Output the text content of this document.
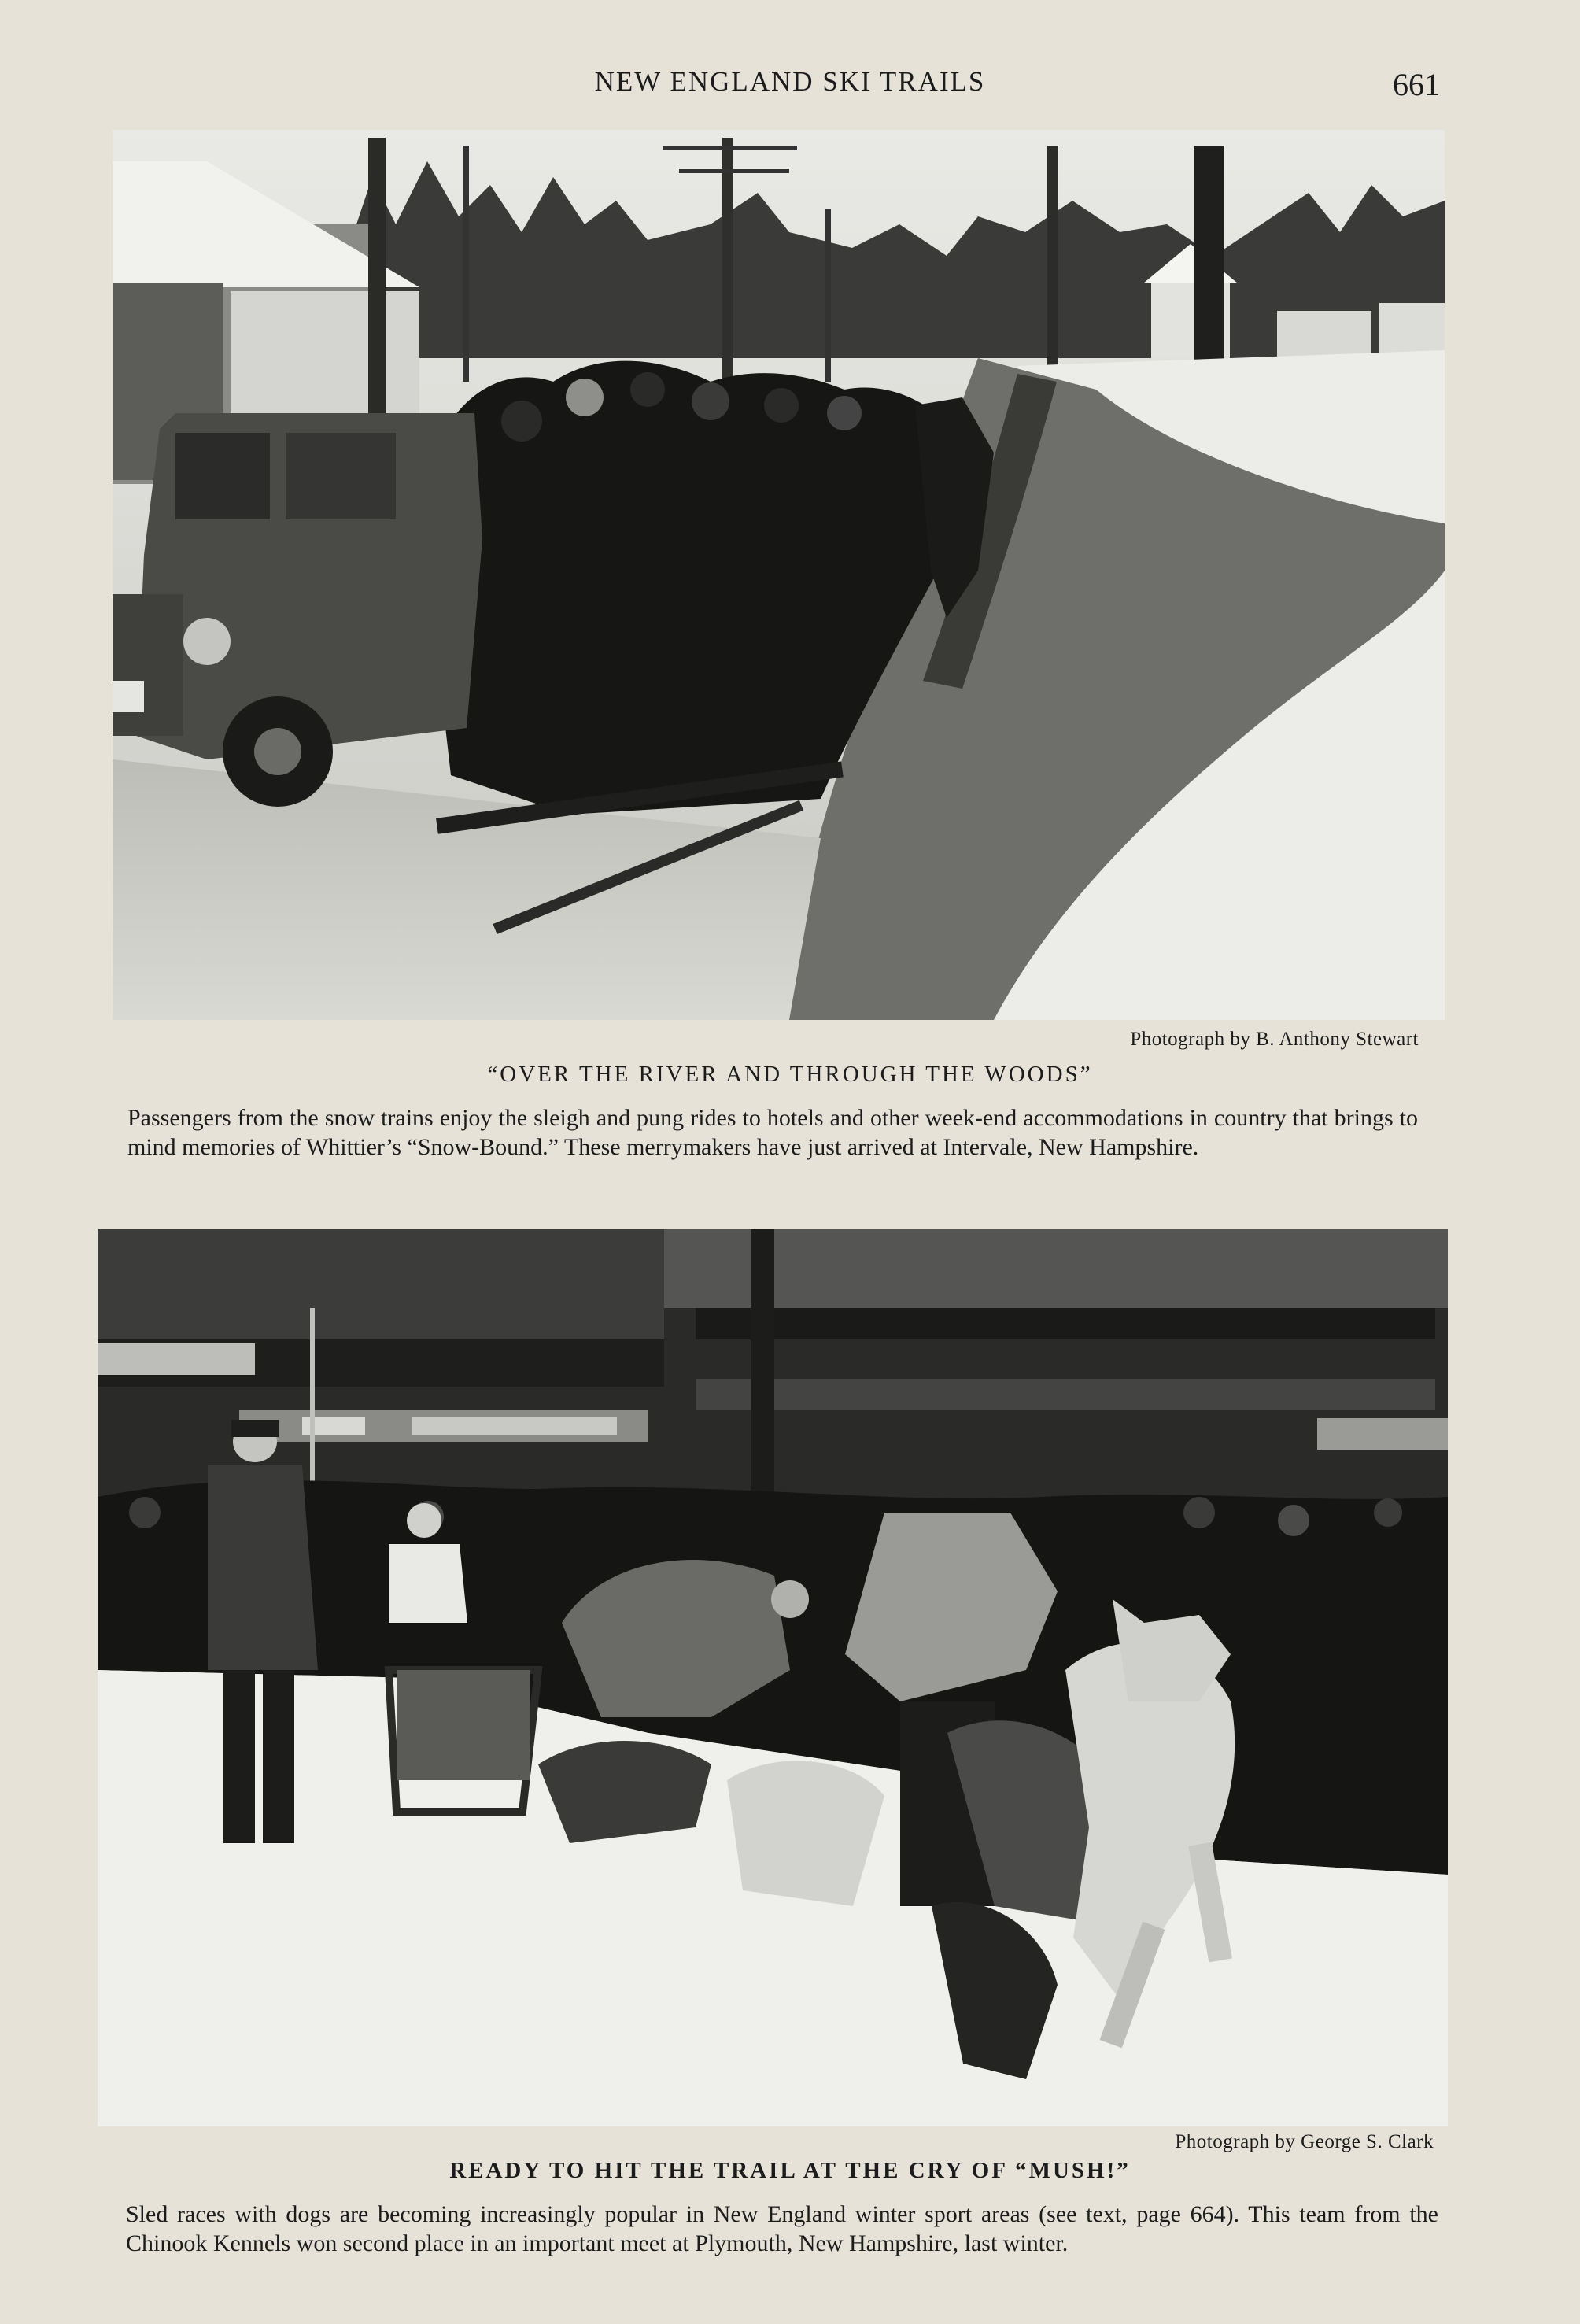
NEW ENGLAND SKI TRAILS	661
Photograph by B. Anthony Stewart
“OVER THE RIVER AND THROUGH THE WOODS”
Passengers from the snow trains enjoy the sleigh and pung rides to hotels and other week-end accommodations in country that brings to mind memories of Whittier’s “Snow-Bound.” These merrymakers have just arrived at Intervale, New Hampshire.
Photograph by George S. Clark
READY TO HIT THE TRAIL AT THE CRY OF “MUSH!”
Sled races with dogs are becoming increasingly popular in New England winter sport areas (see text, page 664). This team from the Chinook Kennels won second place in an important meet at Plymouth, New Hampshire, last winter.
